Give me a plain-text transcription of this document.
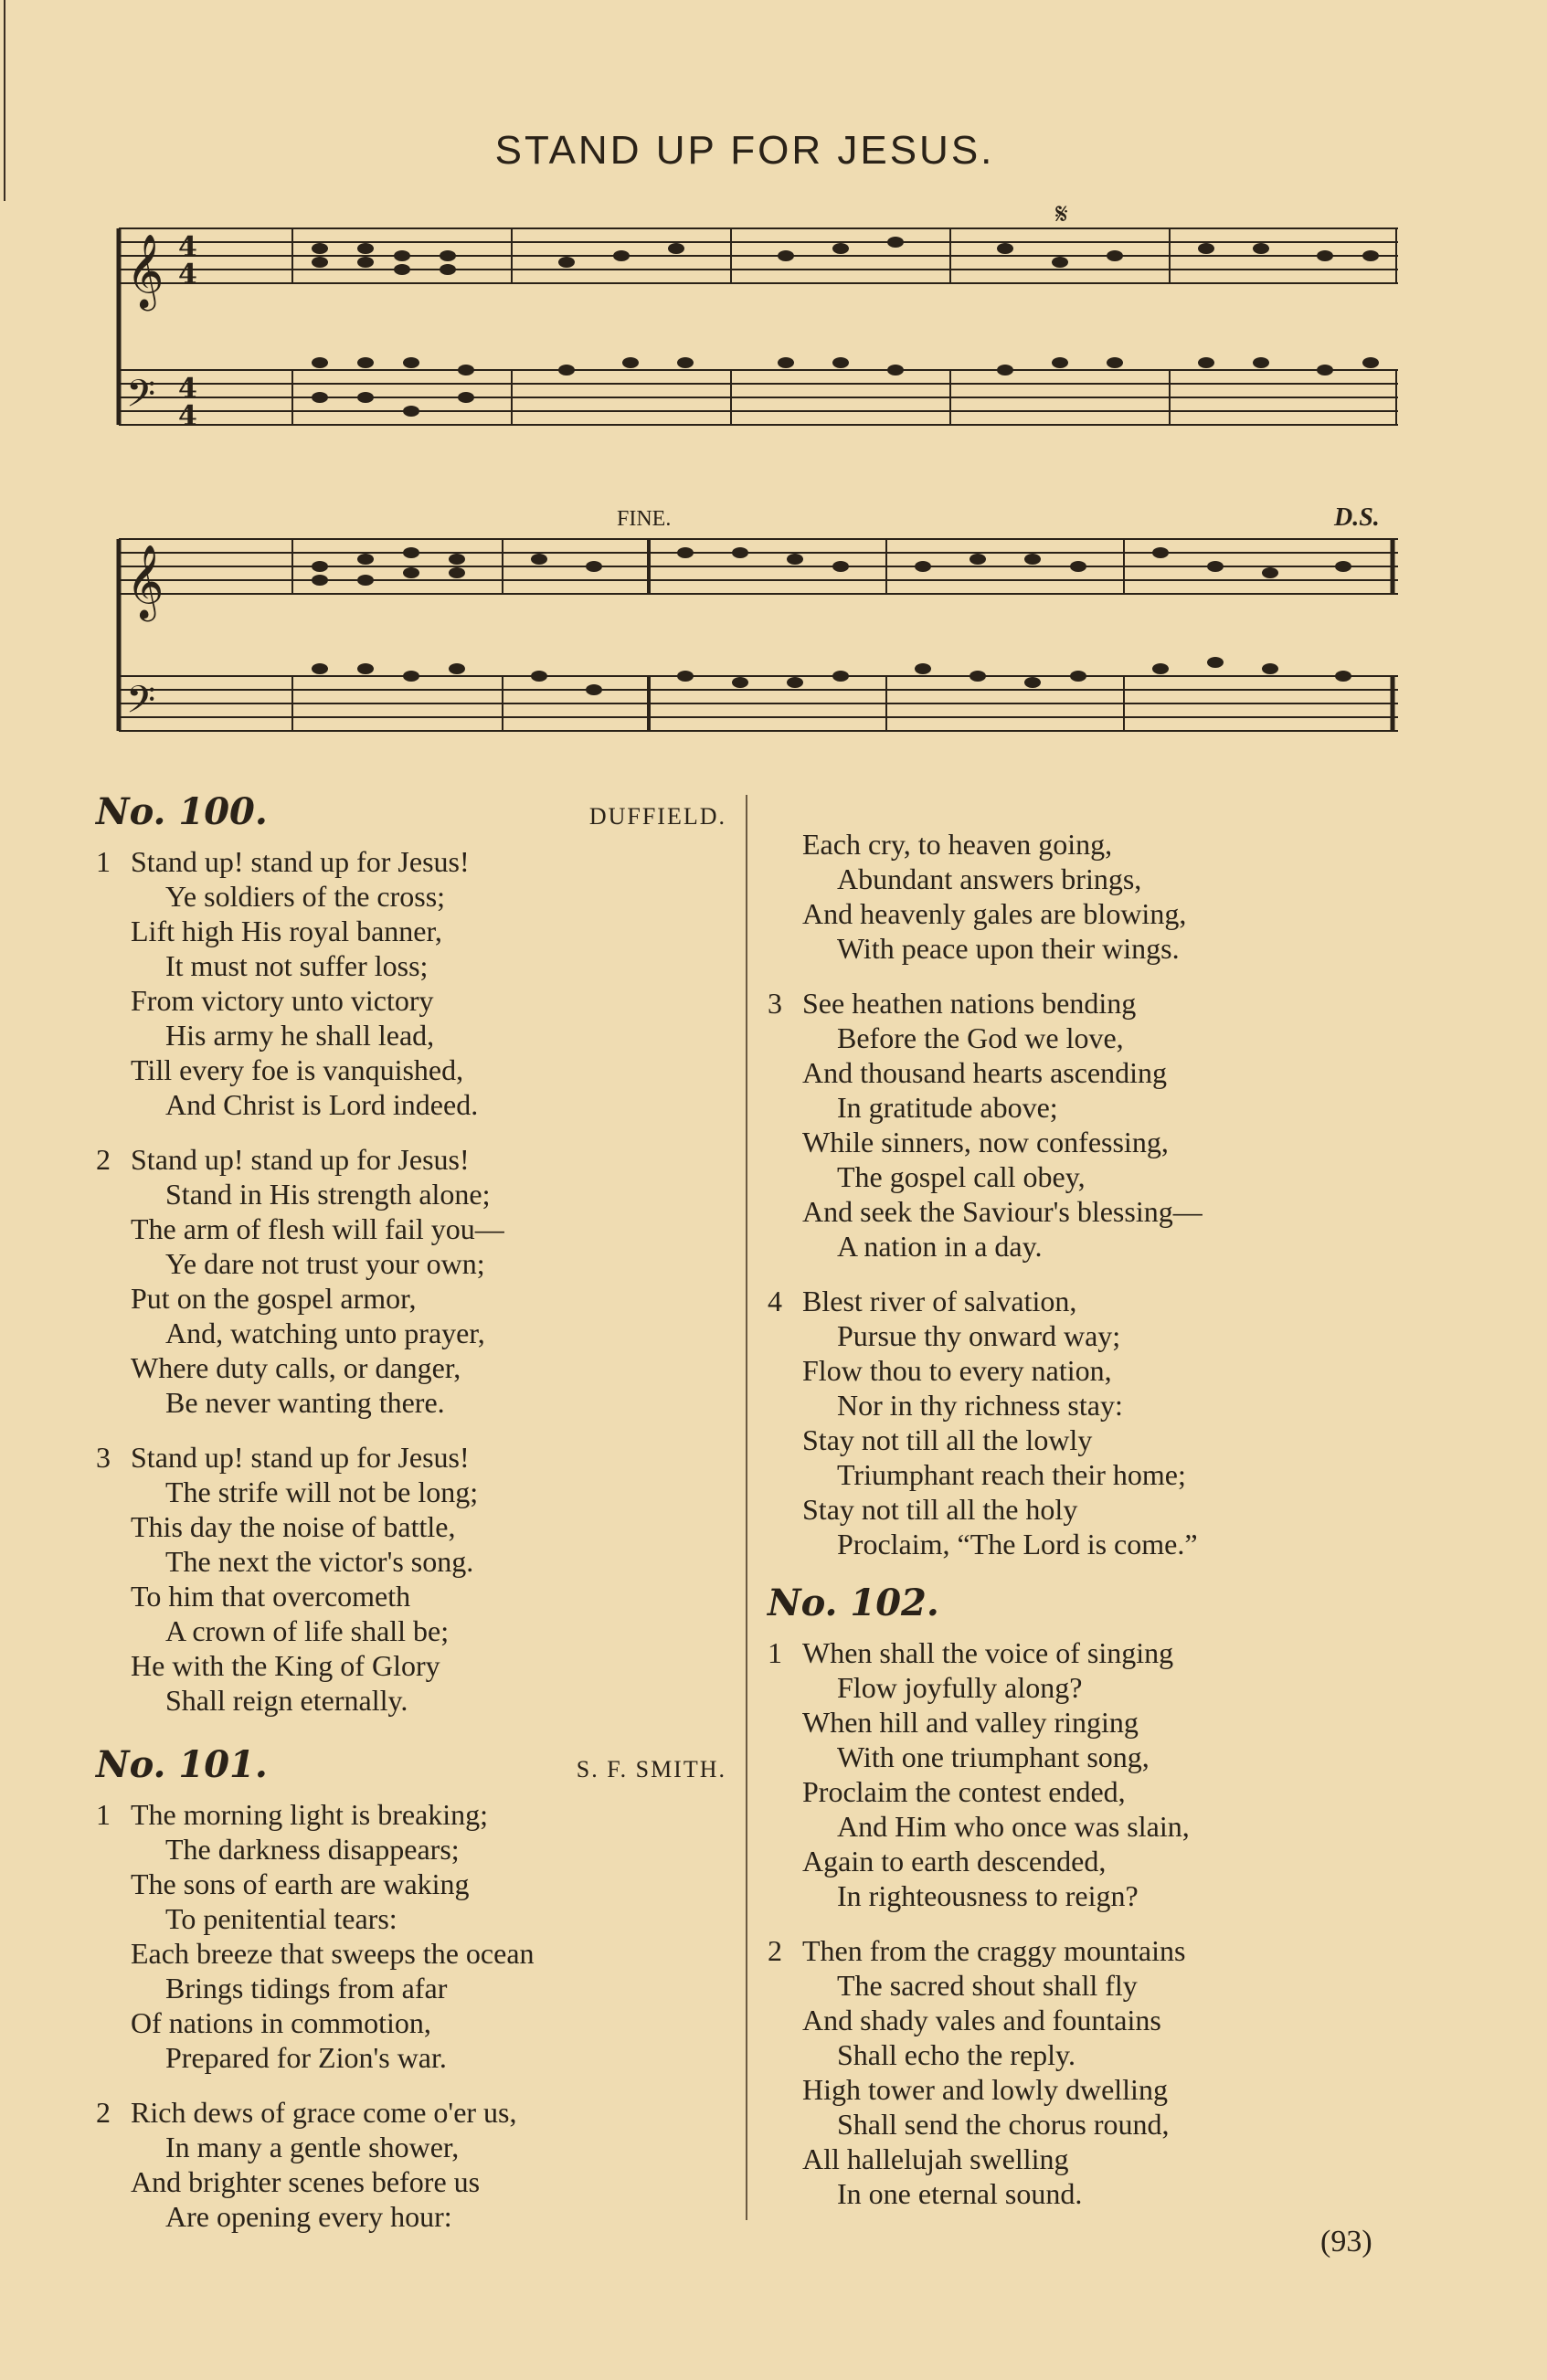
STAND UP FOR JESUS.
𝄞
𝄢
4
4
4
4
𝄋
𝄞
𝄢
FINE.	D.S.
No. 100.	DUFFIELD.
1 Stand up! stand up for Jesus!
Ye soldiers of the cross;
Lift high His royal banner,
It must not suffer loss;
From victory unto victory
His army he shall lead,
Till every foe is vanquished,
And Christ is Lord indeed.
2 Stand up! stand up for Jesus!
Stand in His strength alone;
The arm of flesh will fail you—
Ye dare not trust your own;
Put on the gospel armor,
And, watching unto prayer,
Where duty calls, or danger,
Be never wanting there.
3 Stand up! stand up for Jesus!
The strife will not be long;
This day the noise of battle,
The next the victor's song.
To him that overcometh
A crown of life shall be;
He with the King of Glory
Shall reign eternally.
No. 101.	S. F. SMITH.
1 The morning light is breaking;
The darkness disappears;
The sons of earth are waking
To penitential tears:
Each breeze that sweeps the ocean
Brings tidings from afar
Of nations in commotion,
Prepared for Zion's war.
2 Rich dews of grace come o'er us,
In many a gentle shower,
And brighter scenes before us
Are opening every hour:
Each cry, to heaven going,
Abundant answers brings,
And heavenly gales are blowing,
With peace upon their wings.
3 See heathen nations bending
Before the God we love,
And thousand hearts ascending
In gratitude above;
While sinners, now confessing,
The gospel call obey,
And seek the Saviour's blessing—
A nation in a day.
4 Blest river of salvation,
Pursue thy onward way;
Flow thou to every nation,
Nor in thy richness stay:
Stay not till all the lowly
Triumphant reach their home;
Stay not till all the holy
Proclaim, “The Lord is come.”
No. 102.
1 When shall the voice of singing
Flow joyfully along?
When hill and valley ringing
With one triumphant song,
Proclaim the contest ended,
And Him who once was slain,
Again to earth descended,
In righteousness to reign?
2 Then from the craggy mountains
The sacred shout shall fly
And shady vales and fountains
Shall echo the reply.
High tower and lowly dwelling
Shall send the chorus round,
All hallelujah swelling
In one eternal sound.
(93)
